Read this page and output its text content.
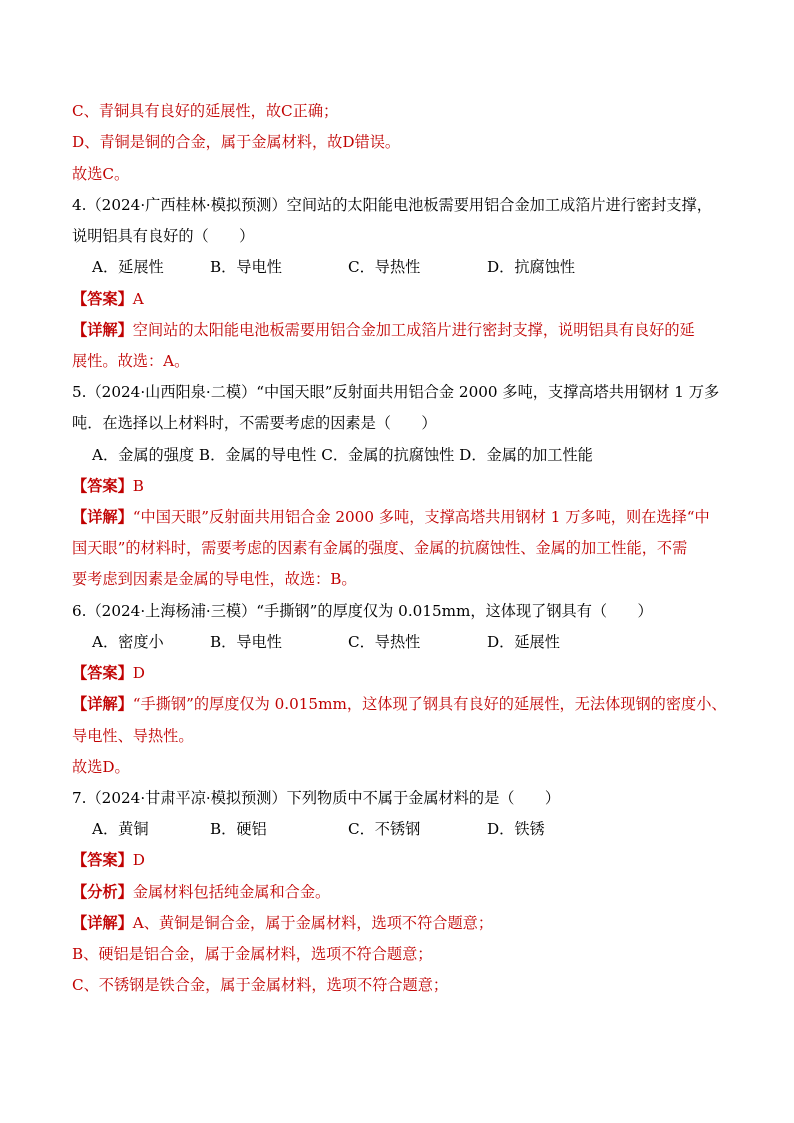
C、青铜具有良好的延展性，故C正确；
D、青铜是铜的合金，属于金属材料，故D错误。
故选C。
4.（2024·广西桂林·模拟预测）空间站的太阳能电池板需要用铝合金加工成箔片进行密封支撑，
说明铝具有良好的（　　）
A．延展性	B．导电性	C．导热性	D．抗腐蚀性
【答案】A
【详解】空间站的太阳能电池板需要用铝合金加工成箔片进行密封支撑，说明铝具有良好的延
展性。故选：A。
5.（2024·山西阳泉·二模）“中国天眼”反射面共用铝合金 2000 多吨，支撑高塔共用钢材 1 万多
吨．在选择以上材料时，不需要考虑的因素是（　　）
A．金属的强度 B．金属的导电性 C．金属的抗腐蚀性 D．金属的加工性能
【答案】B
【详解】“中国天眼”反射面共用铝合金 2000 多吨，支撑高塔共用钢材 1 万多吨，则在选择“中
国天眼”的材料时，需要考虑的因素有金属的强度、金属的抗腐蚀性、金属的加工性能，不需
要考虑到因素是金属的导电性，故选：B。
6.（2024·上海杨浦·三模）“手撕钢”的厚度仅为 0.015mm，这体现了钢具有（　　）
A．密度小	B．导电性	C．导热性	D．延展性
【答案】D
【详解】“手撕钢”的厚度仅为 0.015mm，这体现了钢具有良好的延展性，无法体现钢的密度小、
导电性、导热性。
故选D。
7.（2024·甘肃平凉·模拟预测）下列物质中不属于金属材料的是（　　）
A．黄铜	B．硬铝	C．不锈钢	D．铁锈
【答案】D
【分析】金属材料包括纯金属和合金。
【详解】A、黄铜是铜合金，属于金属材料，选项不符合题意；
B、硬铝是铝合金，属于金属材料，选项不符合题意；
C、不锈钢是铁合金，属于金属材料，选项不符合题意；
